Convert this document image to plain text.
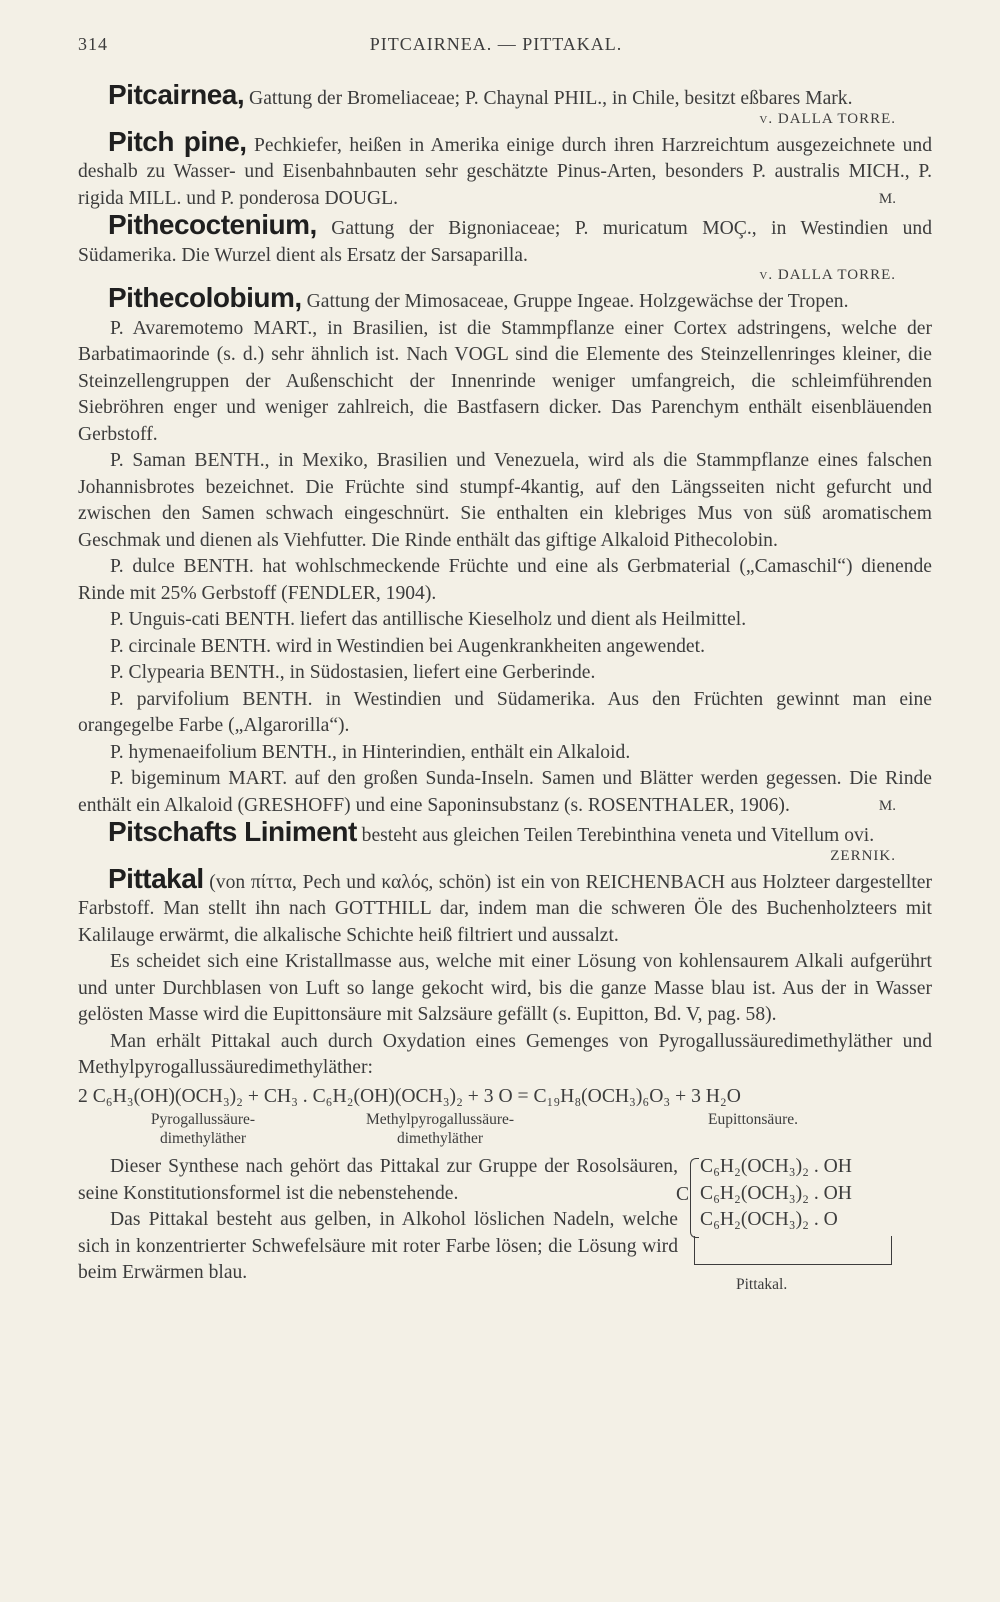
314	PITCAIRNEA. — PITTAKAL.

Pitcairnea, Gattung der Bromeliaceae; P. Chaynal PHIL., in Chile, besitzt eßbares Mark.

v. DALLA TORRE.

Pitch pine, Pechkiefer, heißen in Amerika einige durch ihren Harzreichtum ausgezeichnete und deshalb zu Wasser- und Eisenbahnbauten sehr geschätzte Pinus-Arten, besonders P. australis MICH., P. rigida MILL. und P. ponderosa DOUGL.	M.

Pithecoctenium, Gattung der Bignoniaceae; P. muricatum MOÇ., in Westindien und Südamerika. Die Wurzel dient als Ersatz der Sarsaparilla.

v. DALLA TORRE.

Pithecolobium, Gattung der Mimosaceae, Gruppe Ingeae. Holzgewächse der Tropen.

P. Avaremotemo MART., in Brasilien, ist die Stammpflanze einer Cortex adstringens, welche der Barbatimaorinde (s. d.) sehr ähnlich ist. Nach VOGL sind die Elemente des Steinzellenringes kleiner, die Steinzellengruppen der Außenschicht der Innenrinde weniger umfangreich, die schleimführenden Siebröhren enger und weniger zahlreich, die Bastfasern dicker. Das Parenchym enthält eisenbläuenden Gerbstoff.

P. Saman BENTH., in Mexiko, Brasilien und Venezuela, wird als die Stammpflanze eines falschen Johannisbrotes bezeichnet. Die Früchte sind stumpf-4kantig, auf den Längsseiten nicht gefurcht und zwischen den Samen schwach eingeschnürt. Sie enthalten ein klebriges Mus von süß aromatischem Geschmak und dienen als Viehfutter. Die Rinde enthält das giftige Alkaloid Pithecolobin.

P. dulce BENTH. hat wohlschmeckende Früchte und eine als Gerbmaterial („Camaschil“) dienende Rinde mit 25% Gerbstoff (FENDLER, 1904).

P. Unguis-cati BENTH. liefert das antillische Kieselholz und dient als Heilmittel.

P. circinale BENTH. wird in Westindien bei Augenkrankheiten angewendet.

P. Clypearia BENTH., in Südostasien, liefert eine Gerberinde.

P. parvifolium BENTH. in Westindien und Südamerika. Aus den Früchten gewinnt man eine orangegelbe Farbe („Algarorilla“).

P. hymenaeifolium BENTH., in Hinterindien, enthält ein Alkaloid.

P. bigeminum MART. auf den großen Sunda-Inseln. Samen und Blätter werden gegessen. Die Rinde enthält ein Alkaloid (GRESHOFF) und eine Saponinsubstanz (s. ROSENTHALER, 1906).	M.

Pitschafts Liniment besteht aus gleichen Teilen Terebinthina veneta und Vitellum ovi.

ZERNIK.

Pittakal (von πίττα, Pech und καλός, schön) ist ein von REICHENBACH aus Holzteer dargestellter Farbstoff. Man stellt ihn nach GOTTHILL dar, indem man die schweren Öle des Buchenholzteers mit Kalilauge erwärmt, die alkalische Schichte heiß filtriert und aussalzt.

Es scheidet sich eine Kristallmasse aus, welche mit einer Lösung von kohlensaurem Alkali aufgerührt und unter Durchblasen von Luft so lange gekocht wird, bis die ganze Masse blau ist. Aus der in Wasser gelösten Masse wird die Eupittonsäure mit Salzsäure gefällt (s. Eupitton, Bd. V, pag. 58).

Man erhält Pittakal auch durch Oxydation eines Gemenges von Pyrogallussäuredimethyläther und Methylpyrogallussäuredimethyläther:

2 C₆H₃(OH)(OCH₃)₂ + CH₃ . C₆H₂(OH)(OCH₃)₂ + 3 O = C₁₉H₈(OCH₃)₆O₃ + 3 H₂O
Pyrogallussäure-dimethyläther
Methylpyrogallussäure-dimethyläther
Eupittonsäure.

Dieser Synthese nach gehört das Pittakal zur Gruppe der Rosolsäuren, seine Konstitutionsformel ist die nebenstehende.

Das Pittakal besteht aus gelben, in Alkohol löslichen Nadeln, welche sich in konzentrierter Schwefelsäure mit roter Farbe lösen; die Lösung wird beim Erwärmen blau.

C
C₆H₂(OCH₃)₂ . OH
C₆H₂(OCH₃)₂ . OH
C₆H₂(OCH₃)₂ . O
Pittakal.
